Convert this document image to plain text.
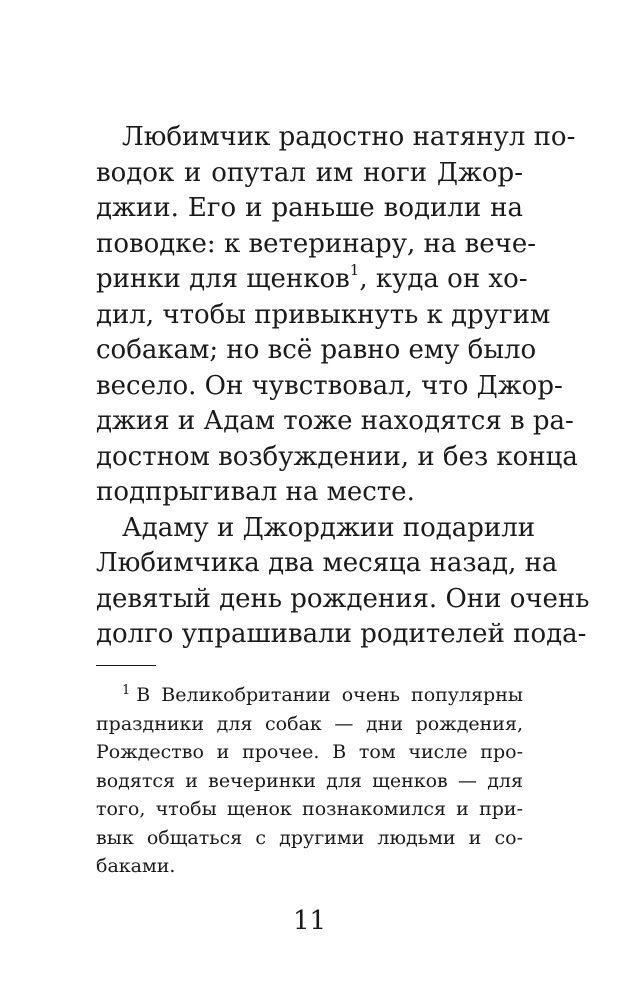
Любимчик радостно натянул по-
водок и опутал им ноги Джор-
джии. Его и раньше водили на
поводке: к ветеринару, на вече-
ринки для щенков$^1$, куда он хо-
дил, чтобы привыкнуть к другим
собакам; но всё равно ему было
весело. Он чувствовал, что Джор-
джия и Адам тоже находятся в ра-
достном возбуждении, и без конца
подпрыгивал на месте.
Адаму и Джорджии подарили
Любимчика два месяца назад, на
девятый день рождения. Они очень
долго упрашивали родителей пода-
$^1$ В Великобритании очень популярны
праздники для собак — дни рождения,
Рождество и прочее. В том числе про-
водятся и вечеринки для щенков — для
того, чтобы щенок познакомился и при-
вык общаться с другими людьми и со-
баками.
11
